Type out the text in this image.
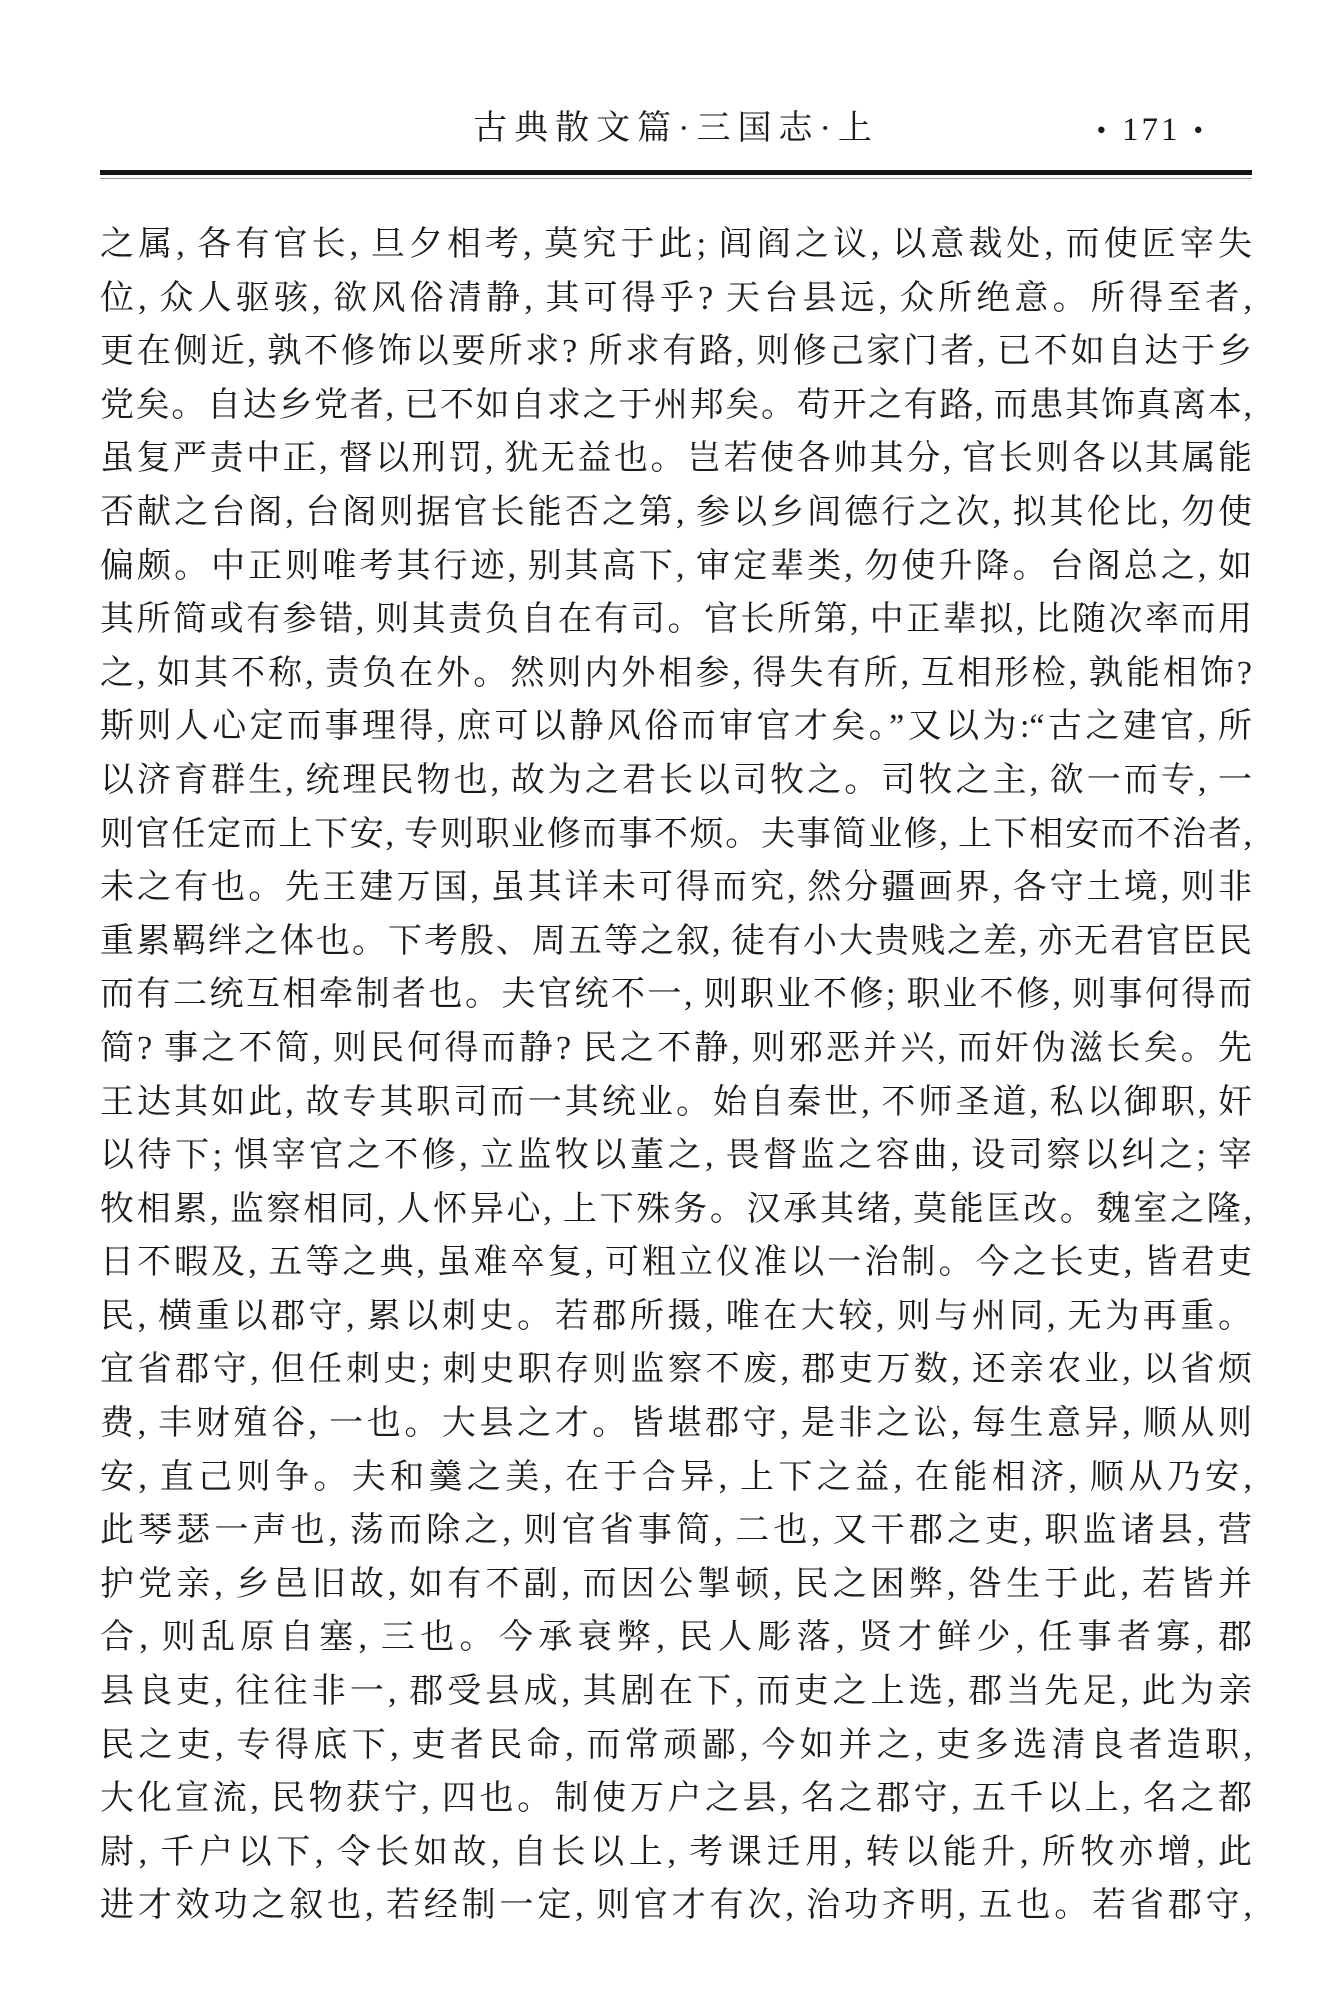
古典散文篇·三国志·上	• 171 •

之属, 各有官长, 旦夕相考, 莫究于此; 闾阎之议, 以意裁处, 而使匠宰失

位, 众人驱骇, 欲风俗清静, 其可得乎? 天台县远, 众所绝意。所得至者,

更在侧近, 孰不修饰以要所求? 所求有路, 则修己家门者, 已不如自达于乡

党矣。自达乡党者, 已不如自求之于州邦矣。苟开之有路, 而患其饰真离本,

虽复严责中正, 督以刑罚, 犹无益也。岂若使各帅其分, 官长则各以其属能

否献之台阁, 台阁则据官长能否之第, 参以乡闾德行之次, 拟其伦比, 勿使

偏颇。中正则唯考其行迹, 别其高下, 审定辈类, 勿使升降。台阁总之, 如

其所简或有参错, 则其责负自在有司。官长所第, 中正辈拟, 比随次率而用

之, 如其不称, 责负在外。然则内外相参, 得失有所, 互相形检, 孰能相饰?

斯则人心定而事理得, 庶可以静风俗而审官才矣。”又以为:“古之建官, 所

以济育群生, 统理民物也, 故为之君长以司牧之。司牧之主, 欲一而专, 一

则官任定而上下安, 专则职业修而事不烦。夫事简业修, 上下相安而不治者,

未之有也。先王建万国, 虽其详未可得而究, 然分疆画界, 各守土境, 则非

重累羁绊之体也。下考殷、周五等之叙, 徒有小大贵贱之差, 亦无君官臣民

而有二统互相牵制者也。夫官统不一, 则职业不修; 职业不修, 则事何得而

简? 事之不简, 则民何得而静? 民之不静, 则邪恶并兴, 而奸伪滋长矣。先

王达其如此, 故专其职司而一其统业。始自秦世, 不师圣道, 私以御职, 奸

以待下; 惧宰官之不修, 立监牧以董之, 畏督监之容曲, 设司察以纠之; 宰

牧相累, 监察相同, 人怀异心, 上下殊务。汉承其绪, 莫能匡改。魏室之隆,

日不暇及, 五等之典, 虽难卒复, 可粗立仪准以一治制。今之长吏, 皆君吏

民, 横重以郡守, 累以刺史。若郡所摄, 唯在大较, 则与州同, 无为再重。

宜省郡守, 但任刺史; 刺史职存则监察不废, 郡吏万数, 还亲农业, 以省烦

费, 丰财殖谷, 一也。大县之才。皆堪郡守, 是非之讼, 每生意异, 顺从则

安, 直己则争。夫和羹之美, 在于合异, 上下之益, 在能相济, 顺从乃安,

此琴瑟一声也, 荡而除之, 则官省事简, 二也, 又干郡之吏, 职监诸县, 营

护党亲, 乡邑旧故, 如有不副, 而因公掣顿, 民之困弊, 咎生于此, 若皆并

合, 则乱原自塞, 三也。今承衰弊, 民人彫落, 贤才鲜少, 任事者寡, 郡

县良吏, 往往非一, 郡受县成, 其剧在下, 而吏之上选, 郡当先足, 此为亲

民之吏, 专得底下, 吏者民命, 而常顽鄙, 今如并之, 吏多选清良者造职,

大化宣流, 民物获宁, 四也。制使万户之县, 名之郡守, 五千以上, 名之都

尉, 千户以下, 令长如故, 自长以上, 考课迁用, 转以能升, 所牧亦增, 此

进才效功之叙也, 若经制一定, 则官才有次, 治功齐明, 五也。若省郡守,
